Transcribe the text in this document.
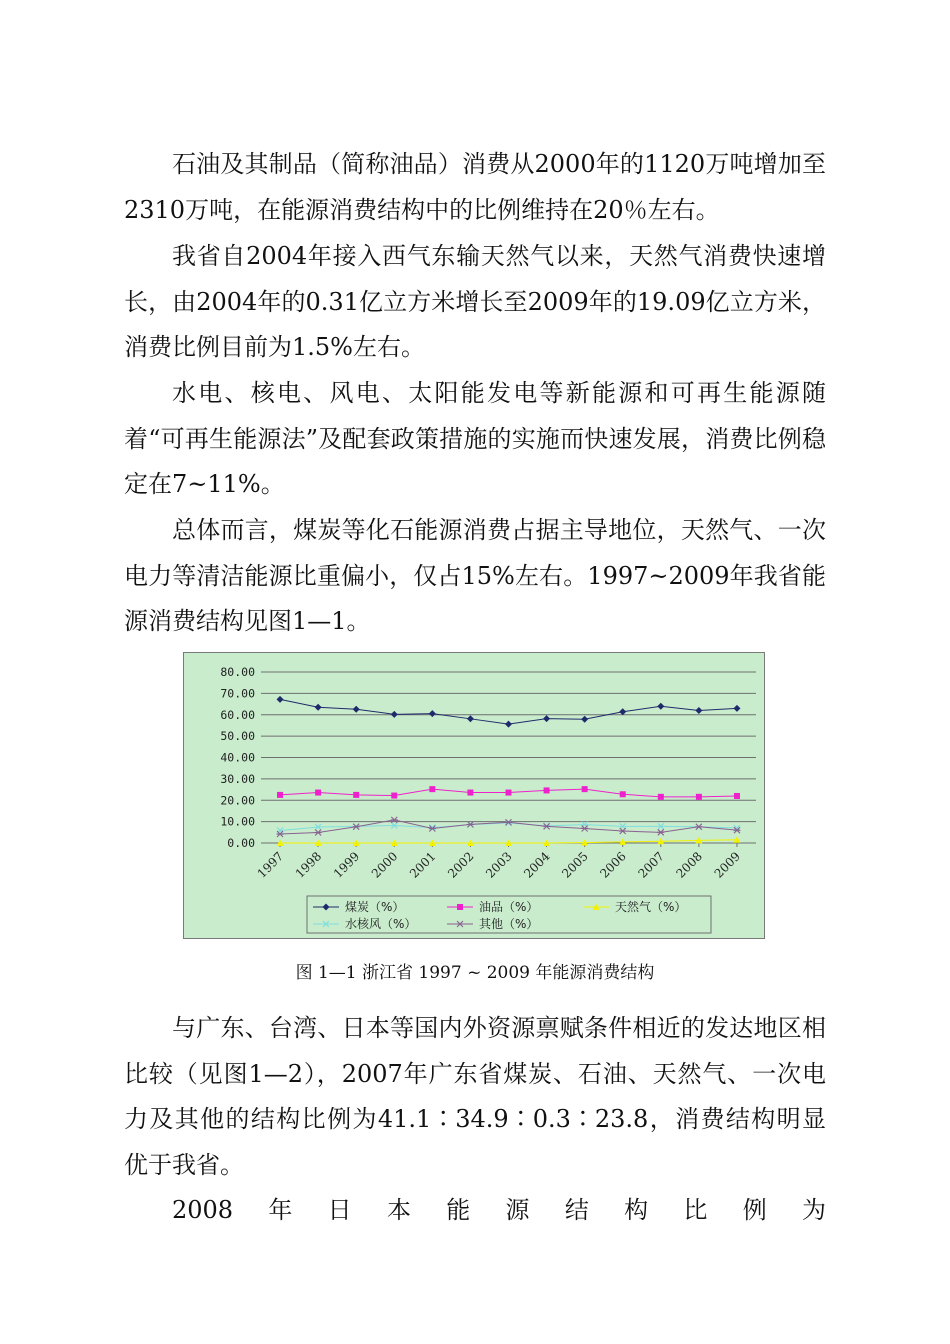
石油及其制品（简称油品）消费从2000年的1120万吨增加至2310万吨，在能源消费结构中的比例维持在20％左右。

我省自2004年接入西气东输天然气以来，天然气消费快速增长，由2004年的0.31亿立方米增长至2009年的19.09亿立方米，消费比例目前为1.5%左右。

水电、核电、风电、太阳能发电等新能源和可再生能源随着“可再生能源法”及配套政策措施的实施而快速发展，消费比例稳定在7~11%。

总体而言，煤炭等化石能源消费占据主导地位，天然气、一次电力等清洁能源比重偏小，仅占15%左右。1997~2009年我省能源消费结构见图1—1。

0.00
10.00
20.00
30.00
40.00
50.00
60.00
70.00
80.00
1997 1998 1999 2000 2001 2002 2003 2004 2005 2006 2007 2008 2009
煤炭（%）	油品（%）	天然气（%）
水核风（%）	其他（%）
图 1—1 浙江省 1997 ~ 2009 年能源消费结构

与广东、台湾、日本等国内外资源禀赋条件相近的发达地区相比较（见图1—2），2007年广东省煤炭、石油、天然气、一次电力及其他的结构比例为41.1∶34.9∶0.3∶23.8，消费结构明显优于我省。
2008年日本能源结构比例为
